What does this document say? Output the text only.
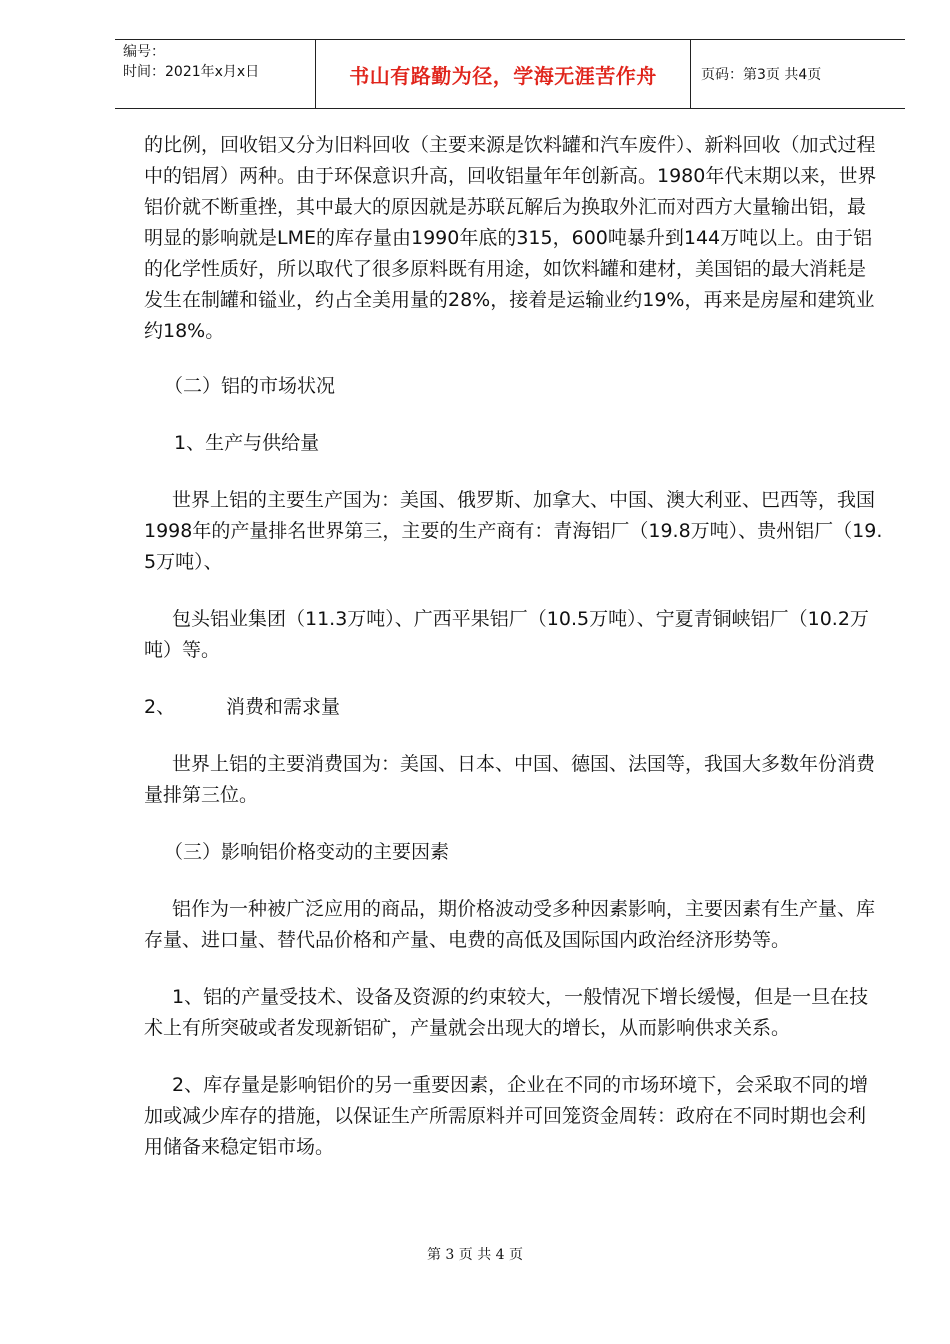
编号：
时间：2021年x月x日	书山有路勤为径，学海无涯苦作舟	页码：第3页 共4页

的比例，回收铝又分为旧料回收（主要来源是饮料罐和汽车废件）、新料回收（加式过程中的铝屑）两种。由于环保意识升高，回收铝量年年创新高。1980年代末期以来，世界铝价就不断重挫，其中最大的原因就是苏联瓦解后为换取外汇而对西方大量输出铝，最明显的影响就是LME的库存量由1990年底的315，600吨暴升到144万吨以上。由于铝的化学性质好，所以取代了很多原料既有用途，如饮料罐和建材，美国铝的最大消耗是发生在制罐和镒业，约占全美用量的28%，接着是运输业约19%，再来是房屋和建筑业约18%。

（二）铝的市场状况

1、生产与供给量

世界上铝的主要生产国为：美国、俄罗斯、加拿大、中国、澳大利亚、巴西等，我国1998年的产量排名世界第三，主要的生产商有：青海铝厂（19.8万吨）、贵州铝厂（19.5万吨）、

包头铝业集团（11.3万吨）、广西平果铝厂（10.5万吨）、宁夏青铜峡铝厂（10.2万吨）等。

2、	消费和需求量

世界上铝的主要消费国为：美国、日本、中国、德国、法国等，我国大多数年份消费量排第三位。

（三）影响铝价格变动的主要因素

铝作为一种被广泛应用的商品，期价格波动受多种因素影响，主要因素有生产量、库存量、进口量、替代品价格和产量、电费的高低及国际国内政治经济形势等。

1、铝的产量受技术、设备及资源的约束较大，一般情况下增长缓慢，但是一旦在技术上有所突破或者发现新铝矿，产量就会出现大的增长，从而影响供求关系。

2、库存量是影响铝价的另一重要因素，企业在不同的市场环境下，会采取不同的增加或减少库存的措施，以保证生产所需原料并可回笼资金周转：政府在不同时期也会利用储备来稳定铝市场。

第 3 页 共 4 页
